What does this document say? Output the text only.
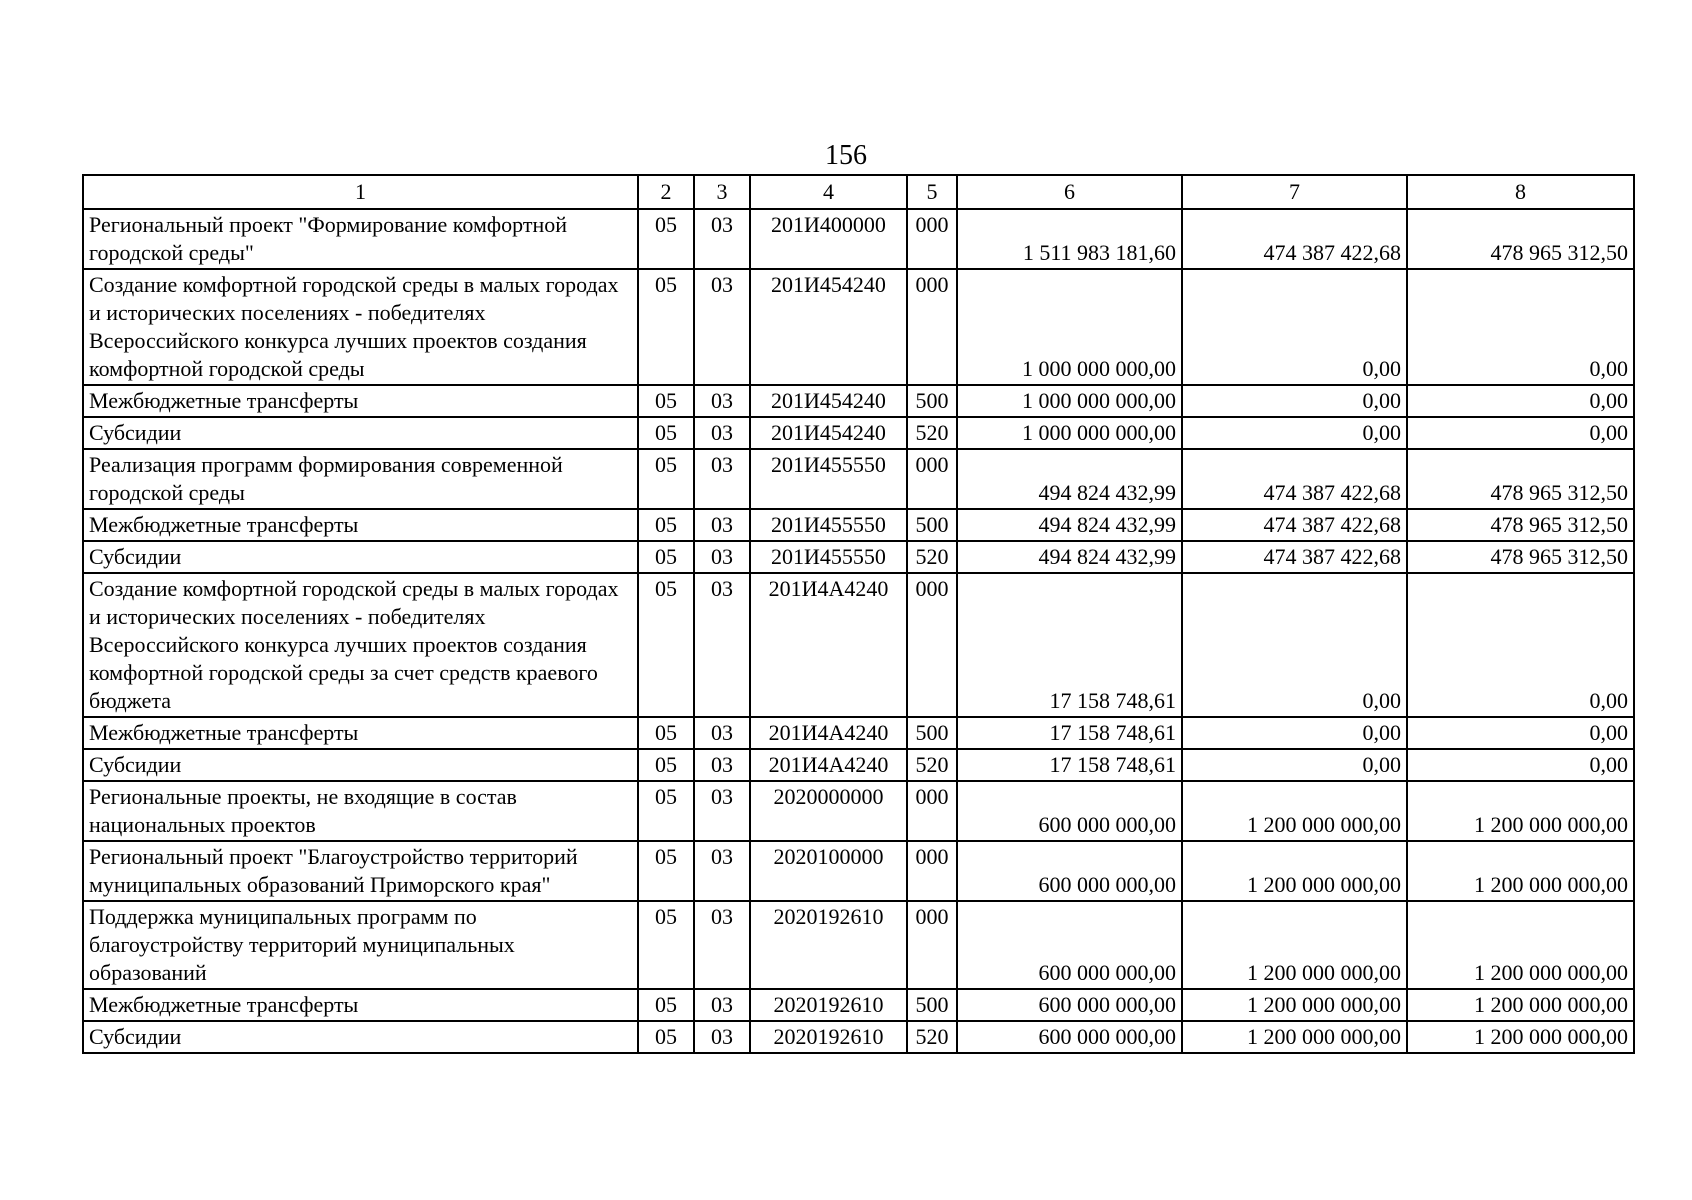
156
1	2	3	4	5	6	7	8
Региональный проект "Формирование комфортной городской среды"	05	03	201И400000	000	1 511 983 181,60	474 387 422,68	478 965 312,50
Создание комфортной городской среды в малых городах и исторических поселениях - победителях Всероссийского конкурса лучших проектов создания комфортной городской среды	05	03	201И454240	000	1 000 000 000,00	0,00	0,00
Межбюджетные трансферты	05	03	201И454240	500	1 000 000 000,00	0,00	0,00
Субсидии	05	03	201И454240	520	1 000 000 000,00	0,00	0,00
Реализация программ формирования современной городской среды	05	03	201И455550	000	494 824 432,99	474 387 422,68	478 965 312,50
Межбюджетные трансферты	05	03	201И455550	500	494 824 432,99	474 387 422,68	478 965 312,50
Субсидии	05	03	201И455550	520	494 824 432,99	474 387 422,68	478 965 312,50
Создание комфортной городской среды в малых городах и исторических поселениях - победителях Всероссийского конкурса лучших проектов создания комфортной городской среды за счет средств краевого бюджета	05	03	201И4А4240	000	17 158 748,61	0,00	0,00
Межбюджетные трансферты	05	03	201И4А4240	500	17 158 748,61	0,00	0,00
Субсидии	05	03	201И4А4240	520	17 158 748,61	0,00	0,00
Региональные проекты, не входящие в состав национальных проектов	05	03	2020000000	000	600 000 000,00	1 200 000 000,00	1 200 000 000,00
Региональный проект "Благоустройство территорий муниципальных образований Приморского края"	05	03	2020100000	000	600 000 000,00	1 200 000 000,00	1 200 000 000,00
Поддержка муниципальных программ по благоустройству территорий муниципальных образований	05	03	2020192610	000	600 000 000,00	1 200 000 000,00	1 200 000 000,00
Межбюджетные трансферты	05	03	2020192610	500	600 000 000,00	1 200 000 000,00	1 200 000 000,00
Субсидии	05	03	2020192610	520	600 000 000,00	1 200 000 000,00	1 200 000 000,00
